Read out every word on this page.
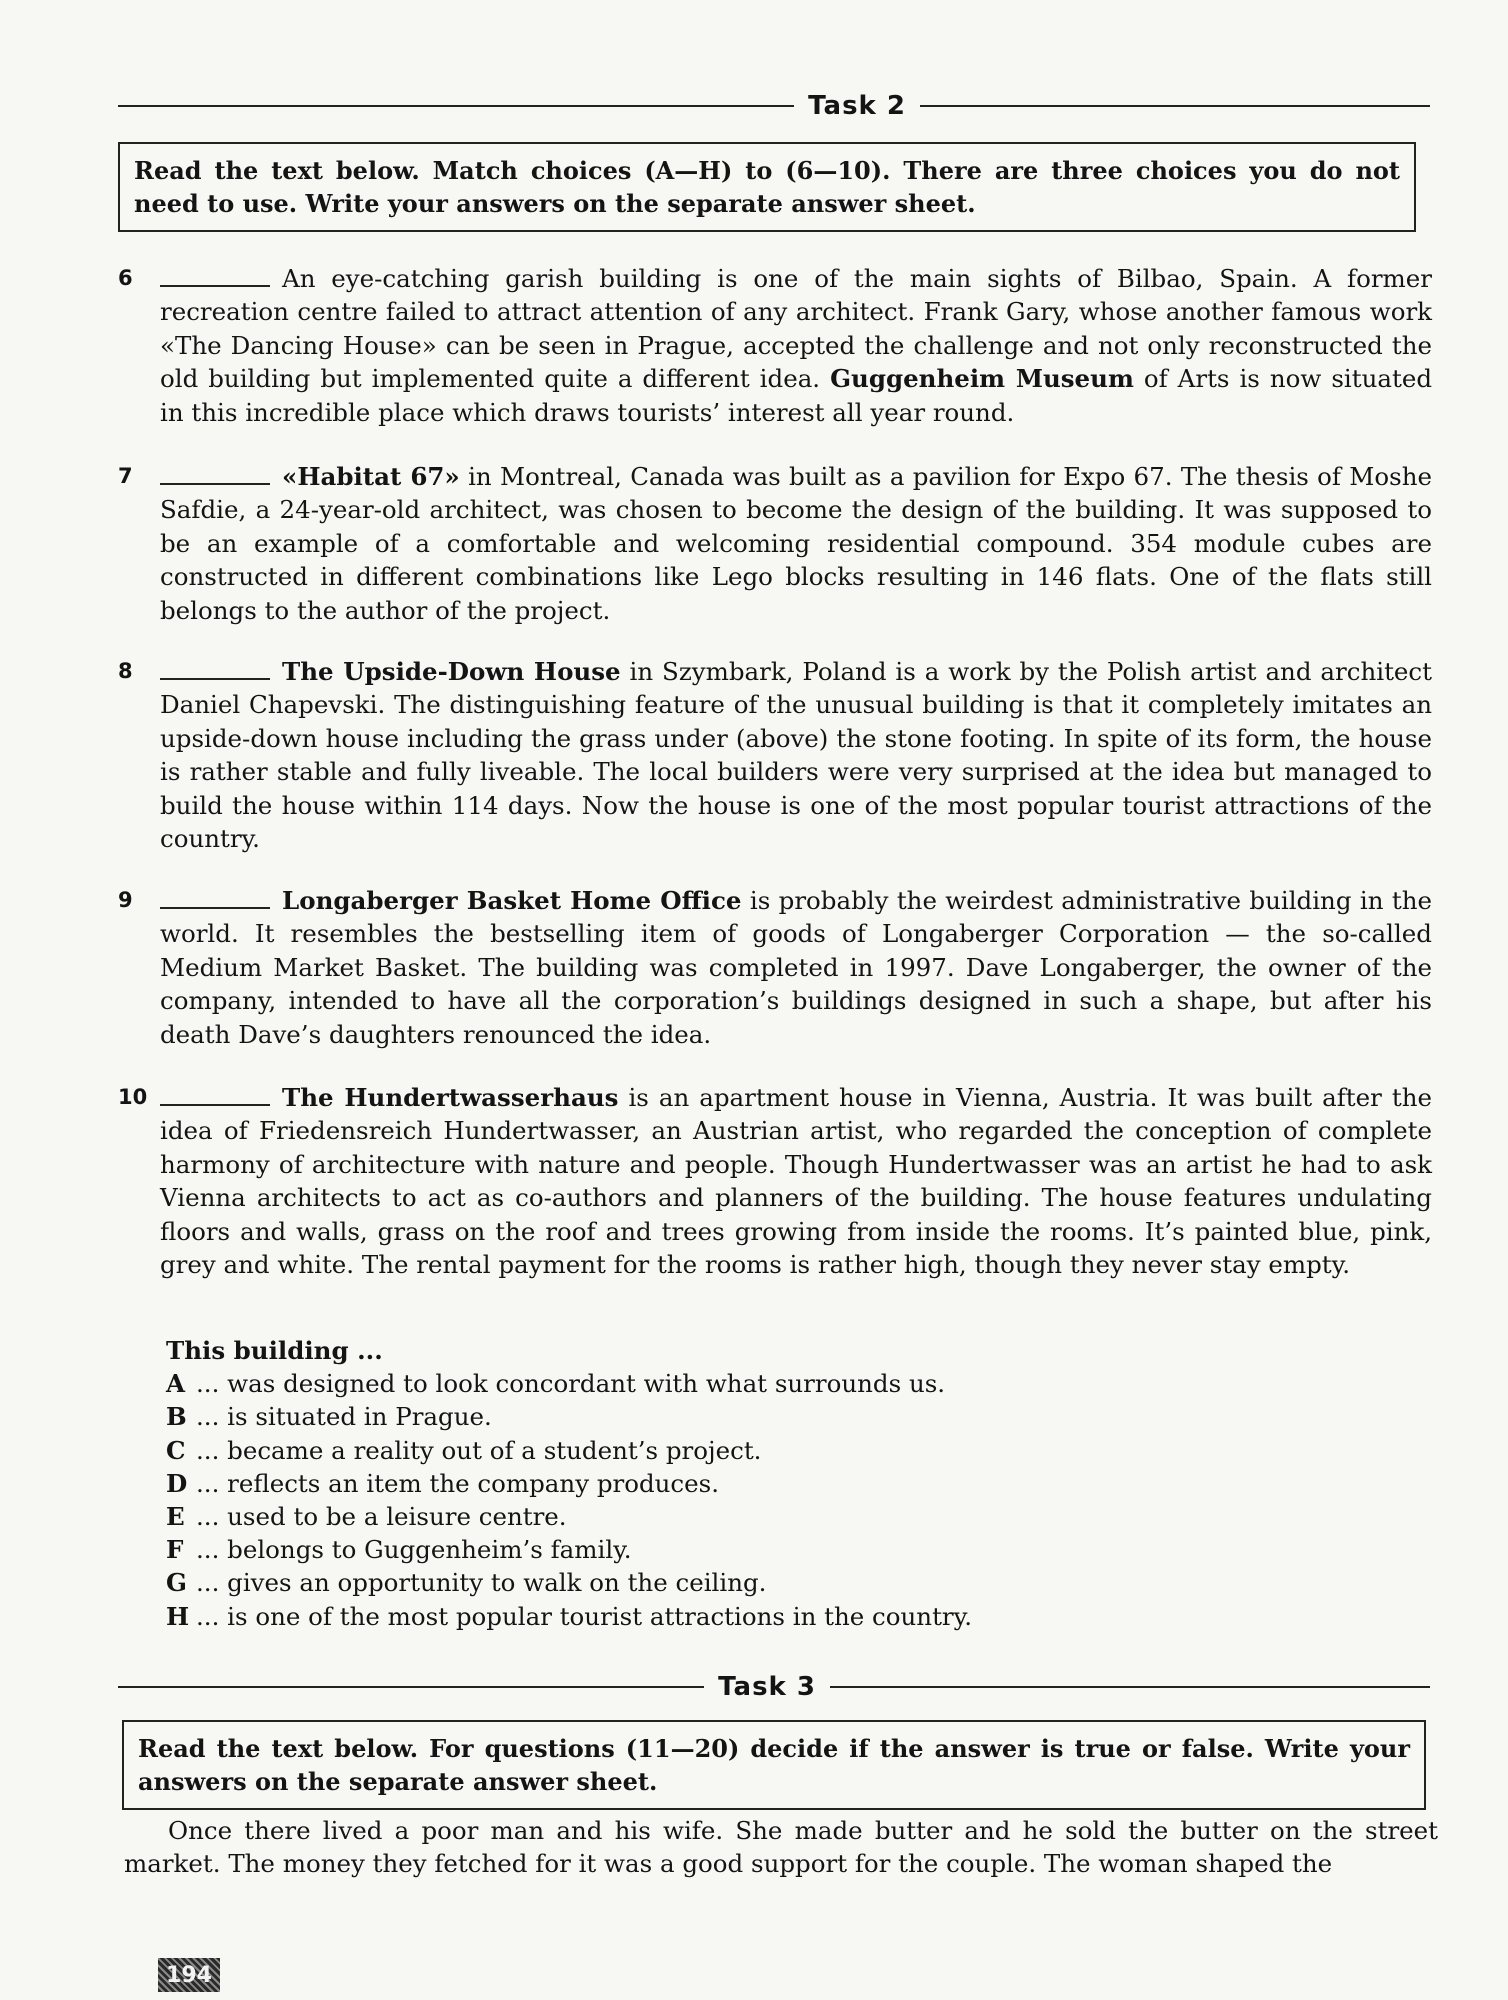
Task 2
Read the text below. Match choices (A—H) to (6—10). There are three choices you do not need to use. Write your answers on the separate answer sheet.
6	An eye-catching garish building is one of the main sights of Bilbao, Spain. A former recreation centre failed to attract attention of any architect. Frank Gary, whose another famous work «The Dancing House» can be seen in Prague, accepted the challenge and not only reconstructed the old building but implemented quite a different idea. Guggenheim Museum of Arts is now situated in this incredible place which draws tourists’ interest all year round.
7	«Habitat 67» in Montreal, Canada was built as a pavilion for Expo 67. The thesis of Moshe Safdie, a 24-year-old architect, was chosen to become the design of the building. It was supposed to be an example of a comfortable and welcoming residential compound. 354 module cubes are constructed in different combinations like Lego blocks resulting in 146 flats. One of the flats still belongs to the author of the project.
8	The Upside-Down House in Szymbark, Poland is a work by the Polish artist and architect Daniel Chapevski. The distinguishing feature of the unusual building is that it completely imitates an upside-down house including the grass under (above) the stone footing. In spite of its form, the house is rather stable and fully liveable. The local builders were very surprised at the idea but managed to build the house within 114 days. Now the house is one of the most popular tourist attractions of the country.
9	Longaberger Basket Home Office is probably the weirdest administrative building in the world. It resembles the bestselling item of goods of Longaberger Corporation — the so-called Medium Market Basket. The building was completed in 1997. Dave Longaberger, the owner of the company, intended to have all the corporation’s buildings designed in such a shape, but after his death Dave’s daughters renounced the idea.
10	The Hundertwasserhaus is an apartment house in Vienna, Austria. It was built after the idea of Friedensreich Hundertwasser, an Austrian artist, who regarded the conception of complete harmony of architecture with nature and people. Though Hundertwasser was an artist he had to ask Vienna architects to act as co-authors and planners of the building. The house features undulating floors and walls, grass on the roof and trees growing from inside the rooms. It’s painted blue, pink, grey and white. The rental payment for the rooms is rather high, though they never stay empty.
This building ...
A ... was designed to look concordant with what surrounds us.
B ... is situated in Prague.
C ... became a reality out of a student’s project.
D ... reflects an item the company produces.
E ... used to be a leisure centre.
F ... belongs to Guggenheim’s family.
G ... gives an opportunity to walk on the ceiling.
H ... is one of the most popular tourist attractions in the country.
Task 3
Read the text below. For questions (11—20) decide if the answer is true or false. Write your answers on the separate answer sheet.
Once there lived a poor man and his wife. She made butter and he sold the butter on the street market. The money they fetched for it was a good support for the couple. The woman shaped the
194
